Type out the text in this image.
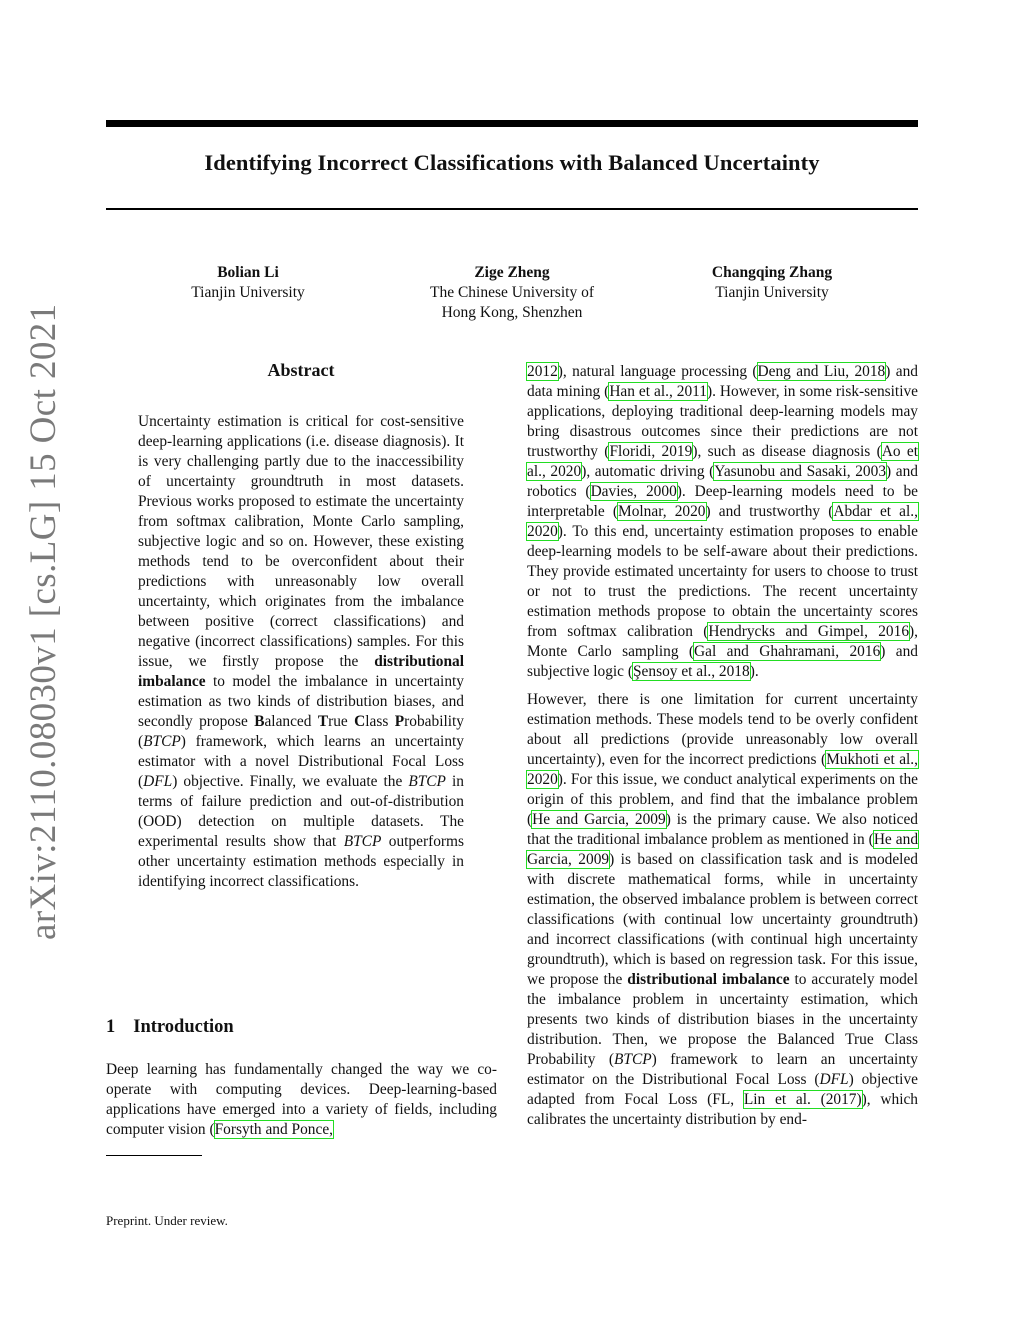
Identifying Incorrect Classifications with Balanced Uncertainty
arXiv:2110.08030v1 [cs.LG] 15 Oct 2021
Bolian Li
Tianjin University
Zige Zheng
The Chinese University of Hong Kong, Shenzhen
Changqing Zhang
Tianjin University
Abstract
Uncertainty estimation is critical for cost-sensitive deep-learning applications (i.e. disease diagnosis). It is very challenging partly due to the inaccessibility of uncertainty groundtruth in most datasets. Previous works proposed to estimate the uncertainty from softmax calibration, Monte Carlo sampling, subjective logic and so on. However, these existing methods tend to be overconfident about their predictions with unreasonably low overall uncertainty, which originates from the imbalance between positive (correct classifications) and negative (incorrect classifications) samples. For this issue, we firstly propose the distributional imbalance to model the imbalance in uncertainty estimation as two kinds of distribution biases, and secondly propose Balanced True Class Probability (BTCP) framework, which learns an uncertainty estimator with a novel Distributional Focal Loss (DFL) objective. Finally, we evaluate the BTCP in terms of failure prediction and out-of-distribution (OOD) detection on multiple datasets. The experimental results show that BTCP outperforms other uncertainty estimation methods especially in identifying incorrect classifications.
1 Introduction
Deep learning has fundamentally changed the way we co-operate with computing devices. Deep-learning-based applications have emerged into a variety of fields, including computer vision (Forsyth and Ponce,
Preprint. Under review.

2012), natural language processing (Deng and Liu, 2018) and data mining (Han et al., 2011). However, in some risk-sensitive applications, deploying traditional deep-learning models may bring disastrous outcomes since their predictions are not trustworthy (Floridi, 2019), such as disease diagnosis (Ao et al., 2020), automatic driving (Yasunobu and Sasaki, 2003) and robotics (Davies, 2000). Deep-learning models need to be interpretable (Molnar, 2020) and trustworthy (Abdar et al., 2020). To this end, uncertainty estimation proposes to enable deep-learning models to be self-aware about their predictions. They provide estimated uncertainty for users to choose to trust or not to trust the predictions. The recent uncertainty estimation methods propose to obtain the uncertainty scores from softmax calibration (Hendrycks and Gimpel, 2016), Monte Carlo sampling (Gal and Ghahramani, 2016) and subjective logic (Şensoy et al., 2018).

However, there is one limitation for current uncertainty estimation methods. These models tend to be overly confident about all predictions (provide unreasonably low overall uncertainty), even for the incorrect predictions (Mukhoti et al., 2020). For this issue, we conduct analytical experiments on the origin of this problem, and find that the imbalance problem (He and Garcia, 2009) is the primary cause. We also noticed that the traditional imbalance problem as mentioned in (He and Garcia, 2009) is based on classification task and is modeled with discrete mathematical forms, while in uncertainty estimation, the observed imbalance problem is between correct classifications (with continual low uncertainty groundtruth) and incorrect classifications (with continual high uncertainty groundtruth), which is based on regression task. For this issue, we propose the distributional imbalance to accurately model the imbalance problem in uncertainty estimation, which presents two kinds of distribution biases in the uncertainty distribution. Then, we propose the Balanced True Class Probability (BTCP) framework to learn an uncertainty estimator on the Distributional Focal Loss (DFL) objective adapted from Focal Loss (FL, Lin et al. (2017)), which calibrates the uncertainty distribution by end-
